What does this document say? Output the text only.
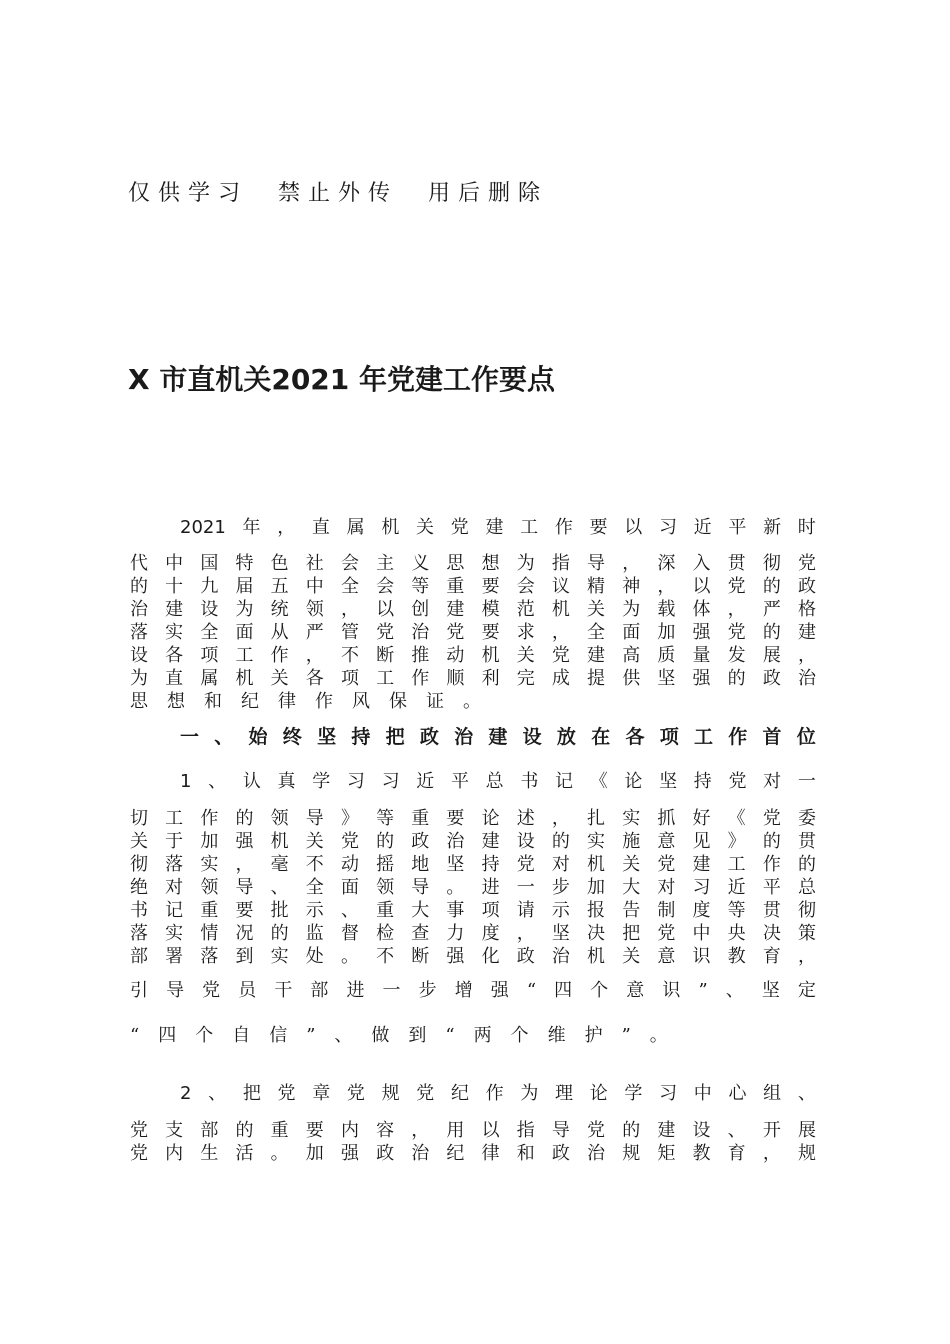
仅供学习  禁止外传  用后删除
X 市直机关2021 年党建工作要点
2021 年 ， 直 属 机 关 党 建 工 作 要 以 习 近 平 新 时
代 中 国 特 色 社 会 主 义 思 想 为 指 导 ， 深 入 贯 彻 党
的 十 九 届 五 中 全 会 等 重 要 会 议 精 神 ， 以 党 的 政
治 建 设 为 统 领 ， 以 创 建 模 范 机 关 为 载 体 ， 严 格
落 实 全 面 从 严 管 党 治 党 要 求 ， 全 面 加 强 党 的 建
设 各 项 工 作 ， 不 断 推 动 机 关 党 建 高 质 量 发 展 ，
为 直 属 机 关 各 项 工 作 顺 利 完 成 提 供 坚 强 的 政 治
思想和纪律作风保证。
一 、 始 终 坚 持 把 政 治 建 设 放 在 各 项 工 作 首 位
1 、 认 真 学 习 习 近 平 总 书 记 《 论 坚 持 党 对 一
切 工 作 的 领 导 》 等 重 要 论 述 ， 扎 实 抓 好 《 党 委
关 于 加 强 机 关 党 的 政 治 建 设 的 实 施 意 见 》 的 贯
彻 落 实 ， 毫 不 动 摇 地 坚 持 党 对 机 关 党 建 工 作 的
绝 对 领 导 、 全 面 领 导 。 进 一 步 加 大 对 习 近 平 总
书 记 重 要 批 示 、 重 大 事 项 请 示 报 告 制 度 等 贯 彻
落 实 情 况 的 监 督 检 查 力 度 ， 坚 决 把 党 中 央 决 策
部 署 落 到 实 处 。 不 断 强 化 政 治 机 关 意 识 教 育 ，
引 导 党 员 干 部 进 一 步 增 强 “ 四 个 意 识 ” 、 坚 定
“四个自信”、做到“两个维护”。
2 、 把 党 章 党 规 党 纪 作 为 理 论 学 习 中 心 组 、
党 支 部 的 重 要 内 容 ， 用 以 指 导 党 的 建 设 、 开 展
党 内 生 活 。 加 强 政 治 纪 律 和 政 治 规 矩 教 育 ， 规
